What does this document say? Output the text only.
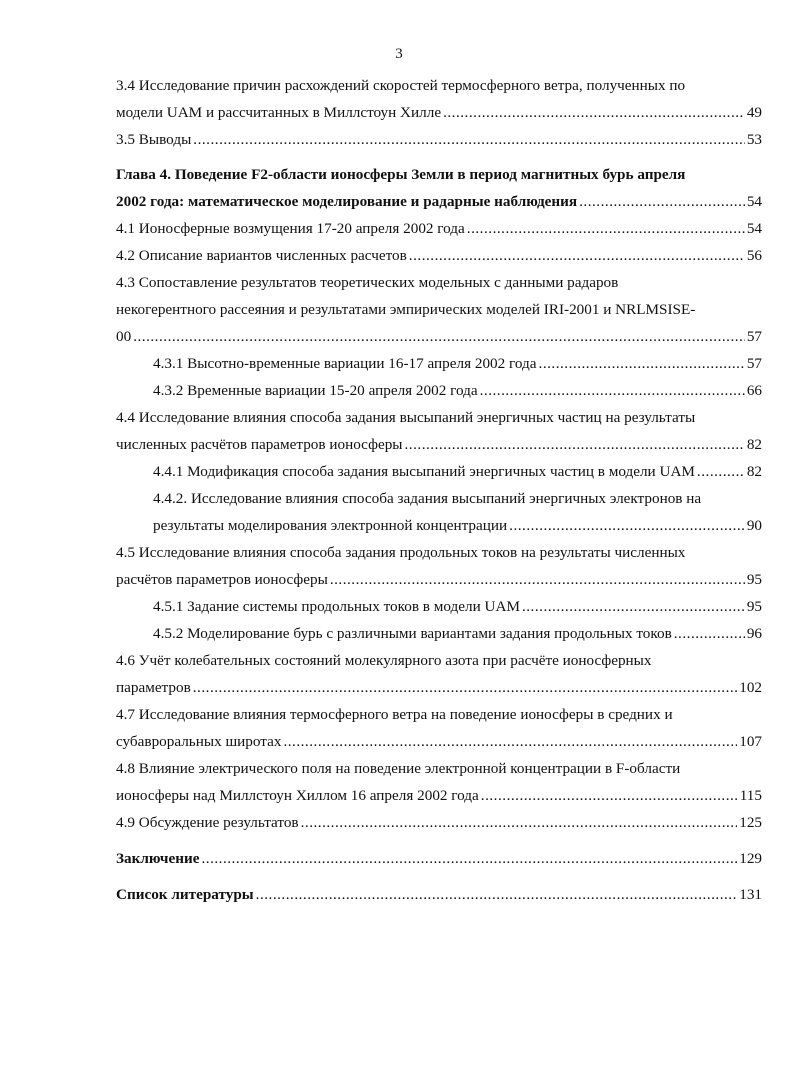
3
3.4 Исследование причин расхождений скоростей термосферного ветра, полученных по
модели UAM и рассчитанных в Миллстоун Хилле .....	49
3.5 Выводы .....	53
Глава 4. Поведение F2-области ионосферы Земли в период магнитных бурь апреля
2002 года: математическое моделирование и радарные наблюдения .....	54
4.1 Ионосферные возмущения 17-20 апреля 2002 года .....	54
4.2 Описание вариантов численных расчетов .....	56
4.3 Сопоставление результатов теоретических модельных с данными радаров
некогерентного рассеяния и результатами эмпирических моделей IRI-2001 и NRLMSISE-
00 .....	57
4.3.1 Высотно-временные вариации 16-17 апреля 2002 года .....	57
4.3.2 Временные вариации 15-20 апреля 2002 года .....	66
4.4 Исследование влияния способа задания высыпаний энергичных частиц на результаты
численных расчётов параметров ионосферы .....	82
4.4.1 Модификация способа задания высыпаний энергичных частиц в модели UAM .....	82
4.4.2. Исследование влияния способа задания высыпаний энергичных электронов на
результаты моделирования электронной концентрации .....	90
4.5 Исследование влияния способа задания продольных токов на результаты численных
расчётов параметров ионосферы .....	95
4.5.1 Задание системы продольных токов в модели UAM .....	95
4.5.2 Моделирование бурь с различными вариантами задания продольных токов .....	96
4.6 Учёт колебательных состояний молекулярного азота при расчёте ионосферных
параметров .....	102
4.7 Исследование влияния термосферного ветра на поведение ионосферы в средних и
субавроральных широтах .....	107
4.8 Влияние электрического поля на поведение электронной концентрации в F-области
ионосферы над Миллстоун Хиллом 16 апреля 2002 года .....	115
4.9 Обсуждение результатов .....	125
Заключение .....	129
Список литературы .....	131
